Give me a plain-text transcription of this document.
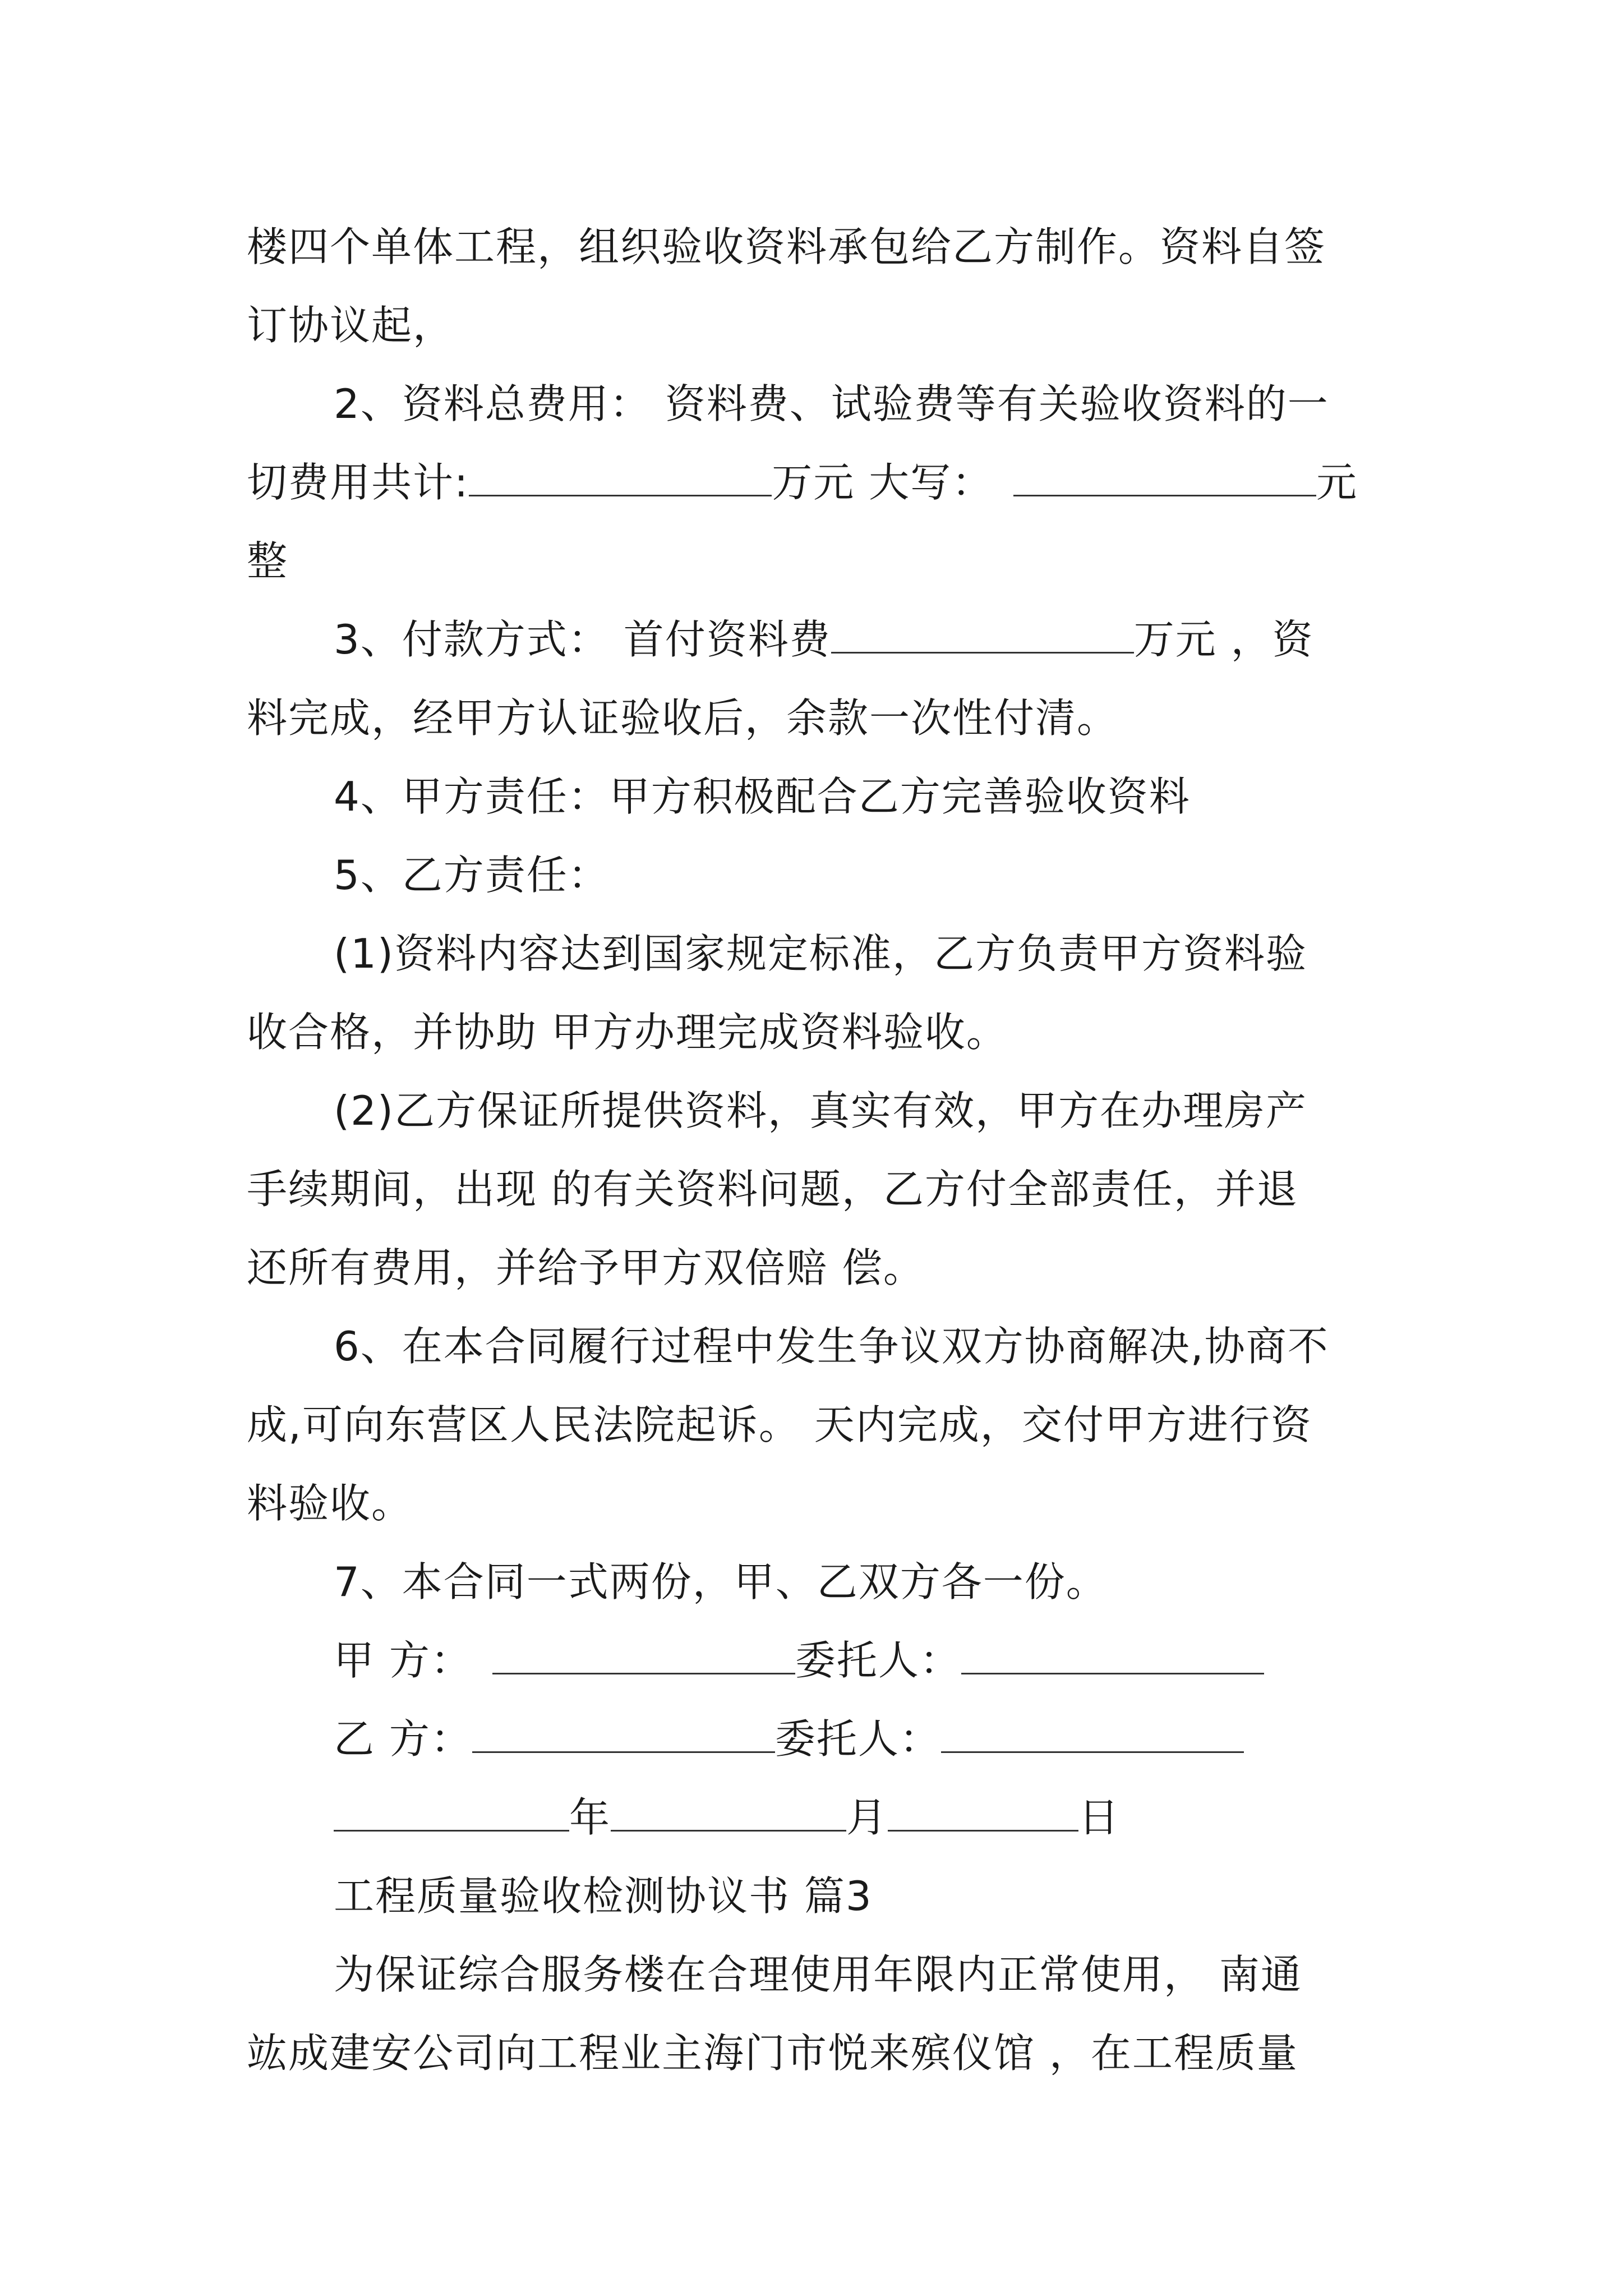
楼四个单体工程，组织验收资料承包给乙方制作。资料自签
订协议起，
2、资料总费用： 资料费、试验费等有关验收资料的一
切费用共计:	万元 大写：	元
整
3、付款方式： 首付资料费	万元 ，资
料完成，经甲方认证验收后，余款一次性付清。
4、甲方责任：甲方积极配合乙方完善验收资料
5、乙方责任：
(1)资料内容达到国家规定标准，乙方负责甲方资料验
收合格，并协助 甲方办理完成资料验收。
(2)乙方保证所提供资料，真实有效，甲方在办理房产
手续期间，出现 的有关资料问题，乙方付全部责任，并退
还所有费用，并给予甲方双倍赔 偿。
6、在本合同履行过程中发生争议双方协商解决,协商不
成,可向东营区人民法院起诉。 天内完成，交付甲方进行资
料验收。
7、本合同一式两份，甲、乙双方各一份。
甲 方：	委托人：
乙 方：	委托人：
年	月	日
工程质量验收检测协议书 篇3
为保证综合服务楼在合理使用年限内正常使用， 南通
竑成建安公司向工程业主海门市悦来殡仪馆 ，在工程质量
